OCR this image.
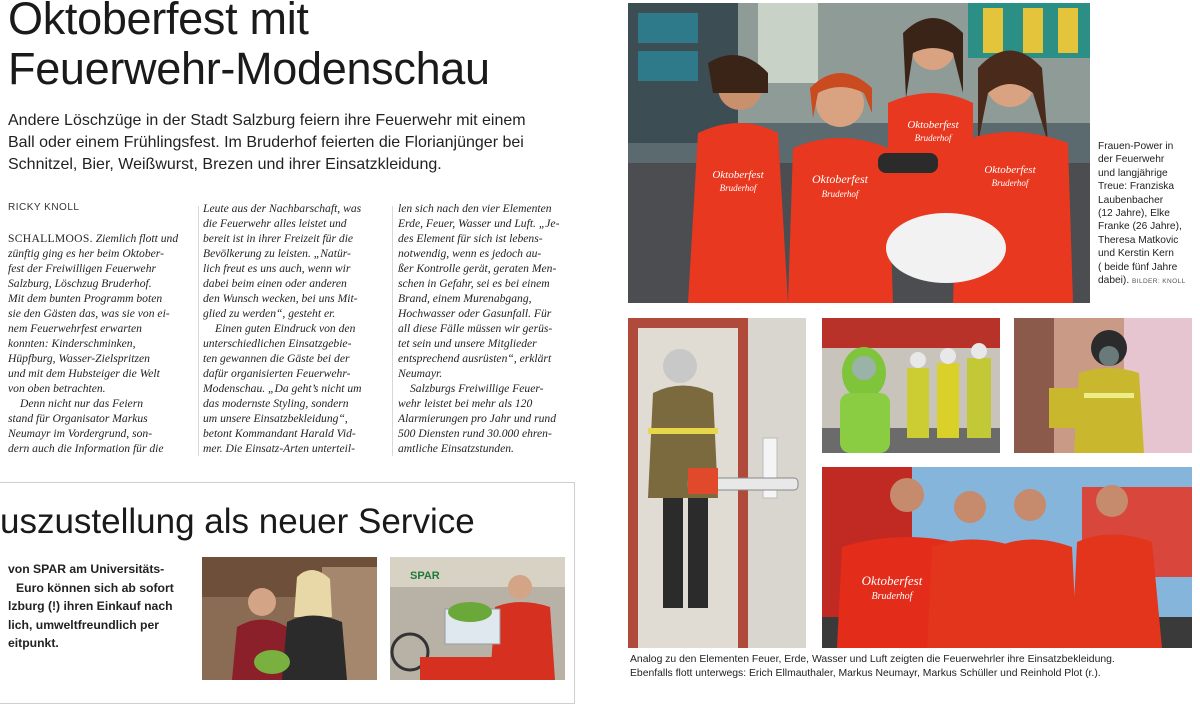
Oktoberfest mit
Feuerwehr-Modenschau
Andere Löschzüge in der Stadt Salzburg feiern ihre Feuerwehr mit einem
Ball oder einem Frühlingsfest. Im Bruderhof feierten die Florianjünger bei
Schnitzel, Bier, Weißwurst, Brezen und ihrer Einsatzkleidung.
RICKY KNOLL
SCHALLMOOS. Ziemlich flott und
zünftig ging es her beim Oktober-
fest der Freiwilligen Feuerwehr
Salzburg, Löschzug Bruderhof.
Mit dem bunten Programm boten
sie den Gästen das, was sie von ei-
nem Feuerwehrfest erwarten
konnten: Kinderschminken,
Hüpfburg, Wasser-Zielspritzen
und mit dem Hubsteiger die Welt
von oben betrachten.
Denn nicht nur das Feiern
stand für Organisator Markus
Neumayr im Vordergrund, son-
dern auch die Information für die
Leute aus der Nachbarschaft, was
die Feuerwehr alles leistet und
bereit ist in ihrer Freizeit für die
Bevölkerung zu leisten. „Natür-
lich freut es uns auch, wenn wir
dabei beim einen oder anderen
den Wunsch wecken, bei uns Mit-
glied zu werden“, gesteht er.
Einen guten Eindruck von den
unterschiedlichen Einsatzgebie-
ten gewannen die Gäste bei der
dafür organisierten Feuerwehr-
Modenschau. „Da geht’s nicht um
das modernste Styling, sondern
um unsere Einsatzbekleidung“,
betont Kommandant Harald Vid-
mer. Die Einsatz-Arten unterteil-
len sich nach den vier Elementen
Erde, Feuer, Wasser und Luft. „Je-
des Element für sich ist lebens-
notwendig, wenn es jedoch au-
ßer Kontrolle gerät, geraten Men-
schen in Gefahr, sei es bei einem
Brand, einem Murenabgang,
Hochwasser oder Gasunfall. Für
all diese Fälle müssen wir gerüs-
tet sein und unsere Mitglieder
entsprechend ausrüsten“, erklärt
Neumayr.
Salzburgs Freiwillige Feuer-
wehr leistet bei mehr als 120
Alarmierungen pro Jahr und rund
500 Diensten rund 30.000 ehren-
amtliche Einsatzstunden.
Oktoberfest
Bruderhof
Oktoberfest
Bruderhof
Oktoberfest
Bruderhof
Oktoberfest
Bruderhof
Frauen-Power in
der Feuerwehr
und langjährige
Treue: Franziska
Laubenbacher
(12 Jahre), Elke
Franke (26 Jahre),
Theresa Matkovic
und Kerstin Kern
( beide fünf Jahre
dabei). BILDER: KNOLL
Oktoberfest
Bruderhof
Analog zu den Elementen Feuer, Erde, Wasser und Luft zeigten die Feuerwehrler ihre Einsatzbekleidung.
Ebenfalls flott unterwegs: Erich Ellmauthaler, Markus Neumayr, Markus Schüller und Reinhold Plot (r.).
uszustellung als neuer Service
von SPAR am Universitäts-
Euro können sich ab sofort
lzburg (!) ihren Einkauf nach
lich, umweltfreundlich per
eitpunkt.
SPAR
